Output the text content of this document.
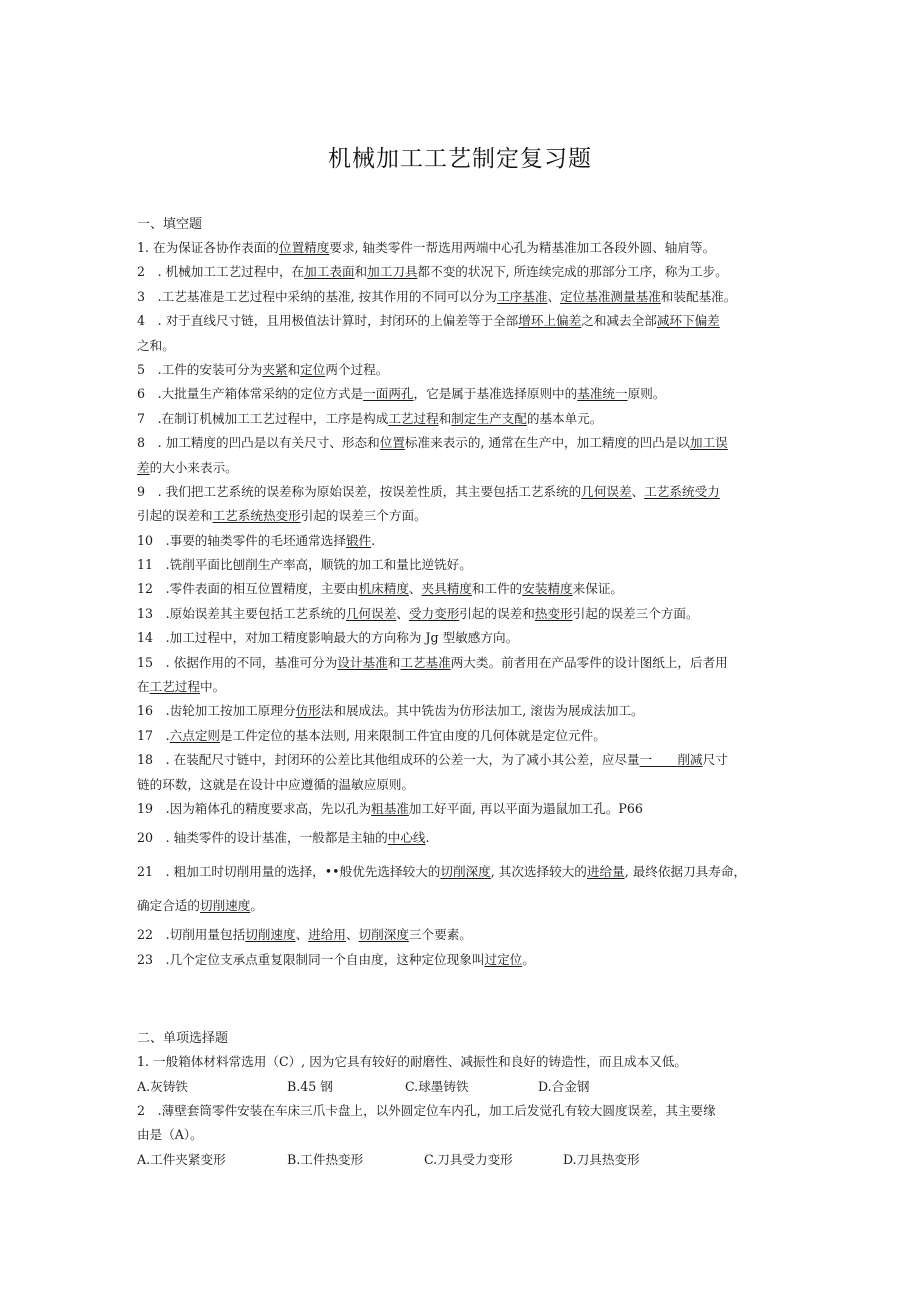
机械加工工艺制定复习题
一、填空题
1. 在为保证各协作表面的位置精度要求, 轴类零件一帮选用两端中心孔为精基准加工各段外圆、轴肩等。
2　. 机械加工工艺过程中，在加工表面和加工刀具都不变的状况下, 所连续完成的那部分工序，称为工步。
3　.工艺基准是工艺过程中采纳的基准, 按其作用的不同可以分为工序基准、定位基准测量基准和装配基准。
4　. 对于直线尺寸链，且用极值法计算时，封闭环的上偏差等于全部增环上偏差之和减去全部减环下偏差
之和。
5　.工件的安装可分为夹紧和定位两个过程。
6　.大批量生产箱体常采纳的定位方式是一面两孔，它是属于基准选择原则中的基准统一原则。
7　.在制订机械加工工艺过程中，工序是构成工艺过程和制定生产支配的基本单元。
8　. 加工精度的凹凸是以有关尺寸、形态和位置标准来表示的, 通常在生产中，加工精度的凹凸是以加工误
差的大小来表示。
9　. 我们把工艺系统的误差称为原始误差，按误差性质，其主要包括工艺系统的几何误差、工艺系统受力
引起的误差和工艺系统热变形引起的误差三个方面。
10　.事要的轴类零件的毛坯通常选择锻件.
11　.铣削平面比刨削生产率高，顺铣的加工和量比逆铣好。
12　.零件表面的相互位置精度，主要由机床精度、夹具精度和工件的安装精度来保证。
13　.原始误差其主要包括工艺系统的几何误差、受力变形引起的误差和热变形引起的误差三个方面。
14　.加工过程中，对加工精度影响最大的方向称为 Jg 型敏感方向。
15　. 依据作用的不同，基准可分为设计基准和工艺基准两大类。前者用在产品零件的设计图纸上，后者用
在工艺过程中。
16　.齿轮加工按加工原理分仿形法和展成法。其中铣齿为仿形法加工, 滚齿为展成法加工。
17　.六点定则是工件定位的基本法则, 用来限制工件宜由度的几何体就是定位元件。
18　. 在装配尺寸链中，封闭环的公差比其他组成环的公差一大，为了减小其公差，应尽量一　　削减尺寸
链的环数，这就是在设计中应遵循的温敏应原则。
19　.因为箱体孔的精度要求高，先以孔为粗基准加工好平面, 再以平面为遢鼠加工孔。P66
20　. 轴类零件的设计基准，一般都是主轴的中心线.
21　. 粗加工时切削用量的选择，••般优先选择较大的切削深度, 其次选择较大的进给量, 最终依据刀具寿命，
确定合适的切削速度。
22　.切削用量包括切削速度、进给用、切削深度三个要素。
23　.几个定位支承点重复限制同一个自由度，这种定位现象叫过定位。
二、单项选择题
1. 一般箱体材料常选用（C）, 因为它具有较好的耐磨性、减振性和良好的铸造性，而且成本又低。
A.灰铸铁	B.45 钢	C.球墨铸铁	D.合金钢
2　.薄壁套筒零件安装在车床三爪卡盘上，以外圆定位车内孔，加工后发觉孔有较大圆度误差，其主要缘
由是（A）。
A.工件夹紧变形	B.工件热变形	C.刀具受力变形	D.刀具热变形
